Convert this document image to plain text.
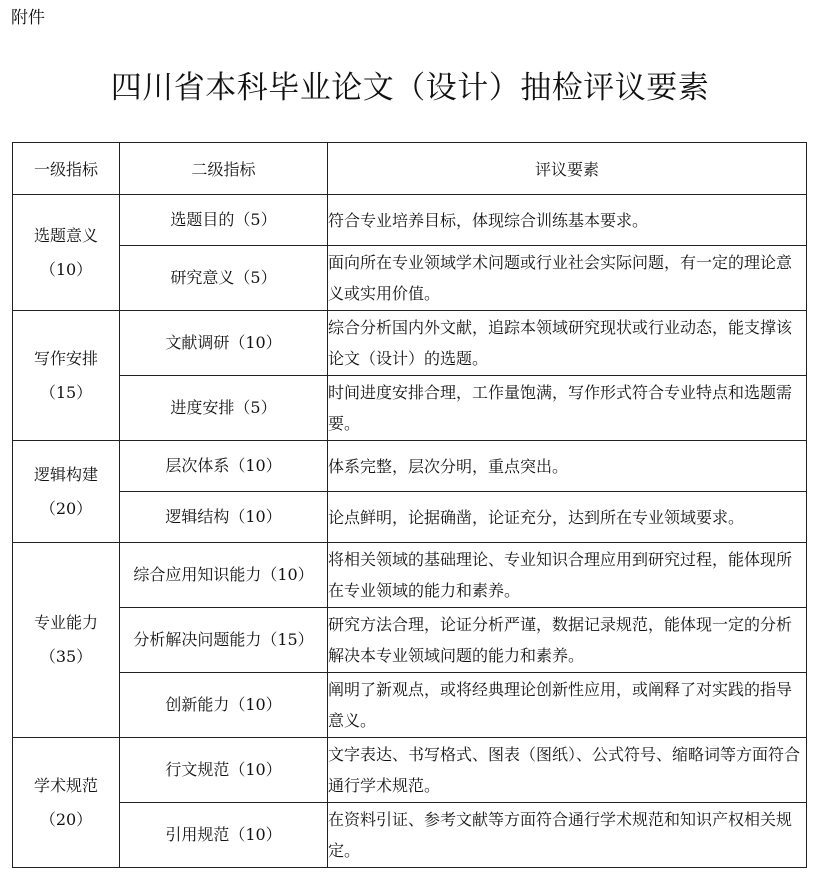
附件
四川省本科毕业论文（设计）抽检评议要素
一级指标	二级指标	评议要素

选题意义
（10）	选题目的（5）	符合专业培养目标，体现综合训练基本要求。
	研究意义（5）	面向所在专业领域学术问题或行业社会实际问题，有一定的理论意义或实用价值。

写作安排
（15）	文献调研（10）	综合分析国内外文献，追踪本领域研究现状或行业动态，能支撑该论文（设计）的选题。
	进度安排（5）	时间进度安排合理，工作量饱满，写作形式符合专业特点和选题需要。

逻辑构建
（20）	层次体系（10）	体系完整，层次分明，重点突出。
	逻辑结构（10）	论点鲜明，论据确凿，论证充分，达到所在专业领域要求。

专业能力
（35）	综合应用知识能力（10）	将相关领域的基础理论、专业知识合理应用到研究过程，能体现所在专业领域的能力和素养。
	分析解决问题能力（15）	研究方法合理，论证分析严谨，数据记录规范，能体现一定的分析解决本专业领域问题的能力和素养。
	创新能力（10）	阐明了新观点，或将经典理论创新性应用，或阐释了对实践的指导意义。

学术规范
（20）	行文规范（10）	文字表达、书写格式、图表（图纸）、公式符号、缩略词等方面符合通行学术规范。
	引用规范（10）	在资料引证、参考文献等方面符合通行学术规范和知识产权相关规定。
